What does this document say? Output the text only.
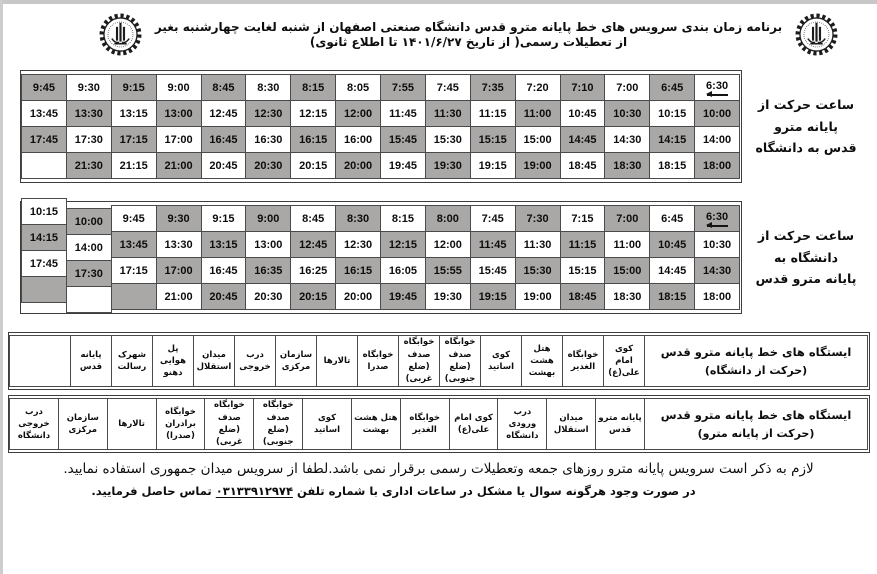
برنامه زمان بندی سرویس های خط پایانه مترو قدس دانشگاه صنعتی اصفهان از شنبه لغایت چهارشنبه بغیر از تعطیلات رسمی( از تاریخ ۱۴۰۱/۶/۲۷ تا اطلاع ثانوی)
6:30
6:45
7:00
7:10
7:20
7:35
7:45
7:55
8:05
8:15
8:30
8:45
9:00
9:15
9:30
9:45
10:00
10:15
10:30
10:45
11:00
11:15
11:30
11:45
12:00
12:15
12:30
12:45
13:00
13:15
13:30
13:45
14:00
14:15
14:30
14:45
15:00
15:15
15:30
15:45
16:00
16:15
16:30
16:45
17:00
17:15
17:30
17:45
18:00
18:15
18:30
18:45
19:00
19:15
19:30
19:45
20:00
20:15
20:30
20:45
21:00
21:15
21:30
ساعت حرکت از پایانه مترو
قدس به دانشگاه
6:30
6:45
7:00
7:15
7:30
7:45
8:00
8:15
8:30
8:45
9:00
9:15
9:30
9:45
10:00
10:15
10:30
10:45
11:00
11:15
11:30
11:45
12:00
12:15
12:30
12:45
13:00
13:15
13:30
13:45
14:00
14:15
14:30
14:45
15:00
15:15
15:30
15:45
15:55
16:05
16:15
16:25
16:35
16:45
17:00
17:15
17:30
17:45
18:00
18:15
18:30
18:45
19:00
19:15
19:30
19:45
20:00
20:15
20:30
20:45
21:00
ساعت حرکت از دانشگاه به
پایانه مترو قدس
ایستگاه های خط پایانه مترو قدس
(حرکت از دانشگاه)
کوی امام علی(ع)
خوابگاه الغدیر
هتل هشت بهشت
کوی اساتید
خوابگاه صدف (ضلع جنوبی)
خوابگاه صدف (ضلع غربی)
خوابگاه صدرا
تالارها
سازمان مرکزی
درب خروجی
میدان استقلال
پل هوایی دهنو
شهرک رسالت
پایانه قدس
ایستگاه های خط پایانه مترو قدس
(حرکت از پایانه مترو)
پایانه مترو قدس
میدان استقلال
درب ورودی دانشگاه
کوی امام علی(ع)
خوابگاه الغدیر
هتل هشت بهشت
کوی اساتید
خوابگاه صدف (ضلع جنوبی)
خوابگاه صدف (ضلع غربی)
خوابگاه برادران (صدرا)
تالارها
سازمان مرکزی
درب خروجی دانشگاه
لازم به ذکر است سرویس پایانه مترو روزهای جمعه وتعطیلات رسمی برقرار نمی باشد.لطفا از سرویس میدان جمهوری استفاده نمایید.
در صورت وجود هرگونه سوال یا مشکل در ساعات اداری با شماره تلفن ۰۳۱۳۳۹۱۲۹۷۴ تماس حاصل فرمایید.
